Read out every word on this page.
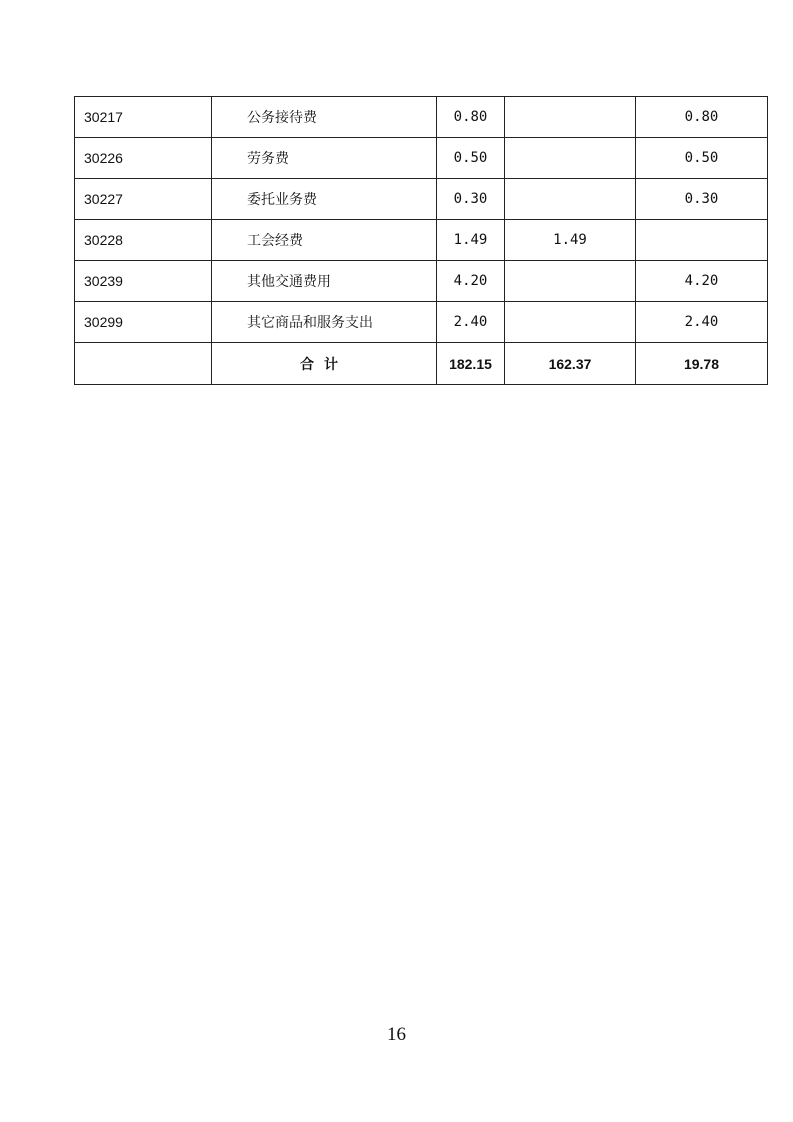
30217	公务接待费	0.80		0.80
30226	劳务费	0.50		0.50
30227	委托业务费	0.30		0.30
30228	工会经费	1.49	1.49	
30239	其他交通费用	4.20		4.20
30299	其它商品和服务支出	2.40		2.40
	合计	182.15	162.37	19.78
16
